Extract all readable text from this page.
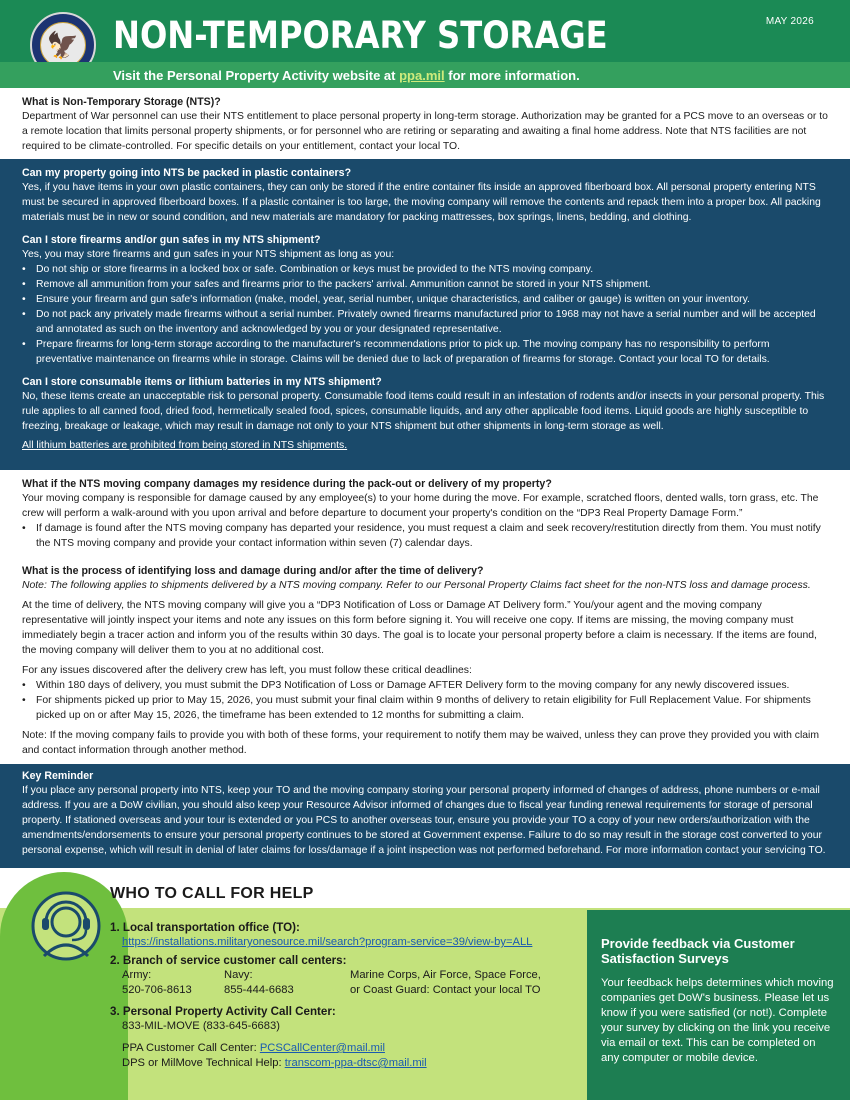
🦅 NON-TEMPORARY STORAGE	MAY 2026
Visit the Personal Property Activity website at ppa.mil for more information.
What is Non-Temporary Storage (NTS)?

Department of War personnel can use their NTS entitlement to place personal property in long-term storage. Authorization may be granted for a PCS move to an overseas or to a remote location that limits personal property shipments, or for personnel who are retiring or separating and awaiting a final home address. Note that NTS facilities are not required to be climate-controlled. For specific details on your entitlement, contact your local TO.

Can my property going into NTS be packed in plastic containers?

Yes, if you have items in your own plastic containers, they can only be stored if the entire container fits inside an approved fiberboard box. All personal property entering NTS must be secured in approved fiberboard boxes. If a plastic container is too large, the moving company will remove the contents and repack them into a proper box. All packing materials must be in new or sound condition, and new materials are mandatory for packing mattresses, box springs, linens, bedding, and clothing.

Can I store firearms and/or gun safes in my NTS shipment?

Yes, you may store firearms and gun safes in your NTS shipment as long as you:

• Do not ship or store firearms in a locked box or safe. Combination or keys must be provided to the NTS moving company.
• Remove all ammunition from your safes and firearms prior to the packers' arrival. Ammunition cannot be stored in your NTS shipment.
• Ensure your firearm and gun safe's information (make, model, year, serial number, unique characteristics, and caliber or gauge) is written on your inventory.
• Do not pack any privately made firearms without a serial number. Privately owned firearms manufactured prior to 1968 may not have a serial number and will be accepted and annotated as such on the inventory and acknowledged by you or your designated representative.
• Prepare firearms for long-term storage according to the manufacturer's recommendations prior to pick up. The moving company has no responsibility to perform preventative maintenance on firearms while in storage. Claims will be denied due to lack of preparation of firearms for storage. Contact your local TO for details.
Can I store consumable items or lithium batteries in my NTS shipment?

No, these items create an unacceptable risk to personal property. Consumable food items could result in an infestation of rodents and/or insects in your personal property. This rule applies to all canned food, dried food, hermetically sealed food, spices, consumable liquids, and any other applicable food items. Liquid goods are highly susceptible to freezing, breakage or leakage, which may result in damage not only to your NTS shipment but other shipments in long-term storage as well.

All lithium batteries are prohibited from being stored in NTS shipments.

What if the NTS moving company damages my residence during the pack-out or delivery of my property?

Your moving company is responsible for damage caused by any employee(s) to your home during the move. For example, scratched floors, dented walls, torn grass, etc. The crew will perform a walk-around with you upon arrival and before departure to document your property's condition on the “DP3 Real Property Damage Form.”

• If damage is found after the NTS moving company has departed your residence, you must request a claim and seek recovery/restitution directly from them. You must notify the NTS moving company and provide your contact information within seven (7) calendar days.
What is the process of identifying loss and damage during and/or after the time of delivery?

Note: The following applies to shipments delivered by a NTS moving company. Refer to our Personal Property Claims fact sheet for the non-NTS loss and damage process.

At the time of delivery, the NTS moving company will give you a “DP3 Notification of Loss or Damage AT Delivery form.” You/your agent and the moving company representative will jointly inspect your items and note any issues on this form before signing it. You will receive one copy. If items are missing, the moving company must immediately begin a tracer action and inform you of the results within 30 days. The goal is to locate your personal property before a claim is necessary. If the items are found, the moving company will deliver them to you at no additional cost.

For any issues discovered after the delivery crew has left, you must follow these critical deadlines:

• Within 180 days of delivery, you must submit the DP3 Notification of Loss or Damage AFTER Delivery form to the moving company for any newly discovered issues.
• For shipments picked up prior to May 15, 2026, you must submit your final claim within 9 months of delivery to retain eligibility for Full Replacement Value. For shipments picked up on or after May 15, 2026, the timeframe has been extended to 12 months for submitting a claim.

Note: If the moving company fails to provide you with both of these forms, your requirement to notify them may be waived, unless they can prove they provided you with claim and contact information through another method.

Key Reminder

If you place any personal property into NTS, keep your TO and the moving company storing your personal property informed of changes of address, phone numbers or e-mail address. If you are a DoW civilian, you should also keep your Resource Advisor informed of changes due to fiscal year funding renewal requirements for storage of personal property. If stationed overseas and your tour is extended or you PCS to another overseas tour, ensure you provide your TO a copy of your new orders/authorization with the amendments/endorsements to ensure your personal property continues to be stored at Government expense. Failure to do so may result in the storage cost converted to your personal expense, which will result in denial of later claims for loss/damage if a joint inspection was not performed beforehand. For more information contact your servicing TO.

WHO TO CALL FOR HELP
1. Local transportation office (TO):
https://installations.militaryonesource.mil/search?program-service=39/view-by=ALL
2. Branch of service customer call centers:
Army:
520-706-8613
Navy:
855-444-6683
Marine Corps, Air Force, Space Force,
or Coast Guard: Contact your local TO
3. Personal Property Activity Call Center:
833-MIL-MOVE (833-645-6683)
PPA Customer Call Center: PCSCallCenter@mail.mil
DPS or MilMove Technical Help: transcom-ppa-dtsc@mail.mil
Provide feedback via Customer Satisfaction Surveys

Your feedback helps determines which moving companies get DoW's business. Please let us know if you were satisfied (or not!). Complete your survey by clicking on the link you receive via email or text. This can be completed on any computer or mobile device.
